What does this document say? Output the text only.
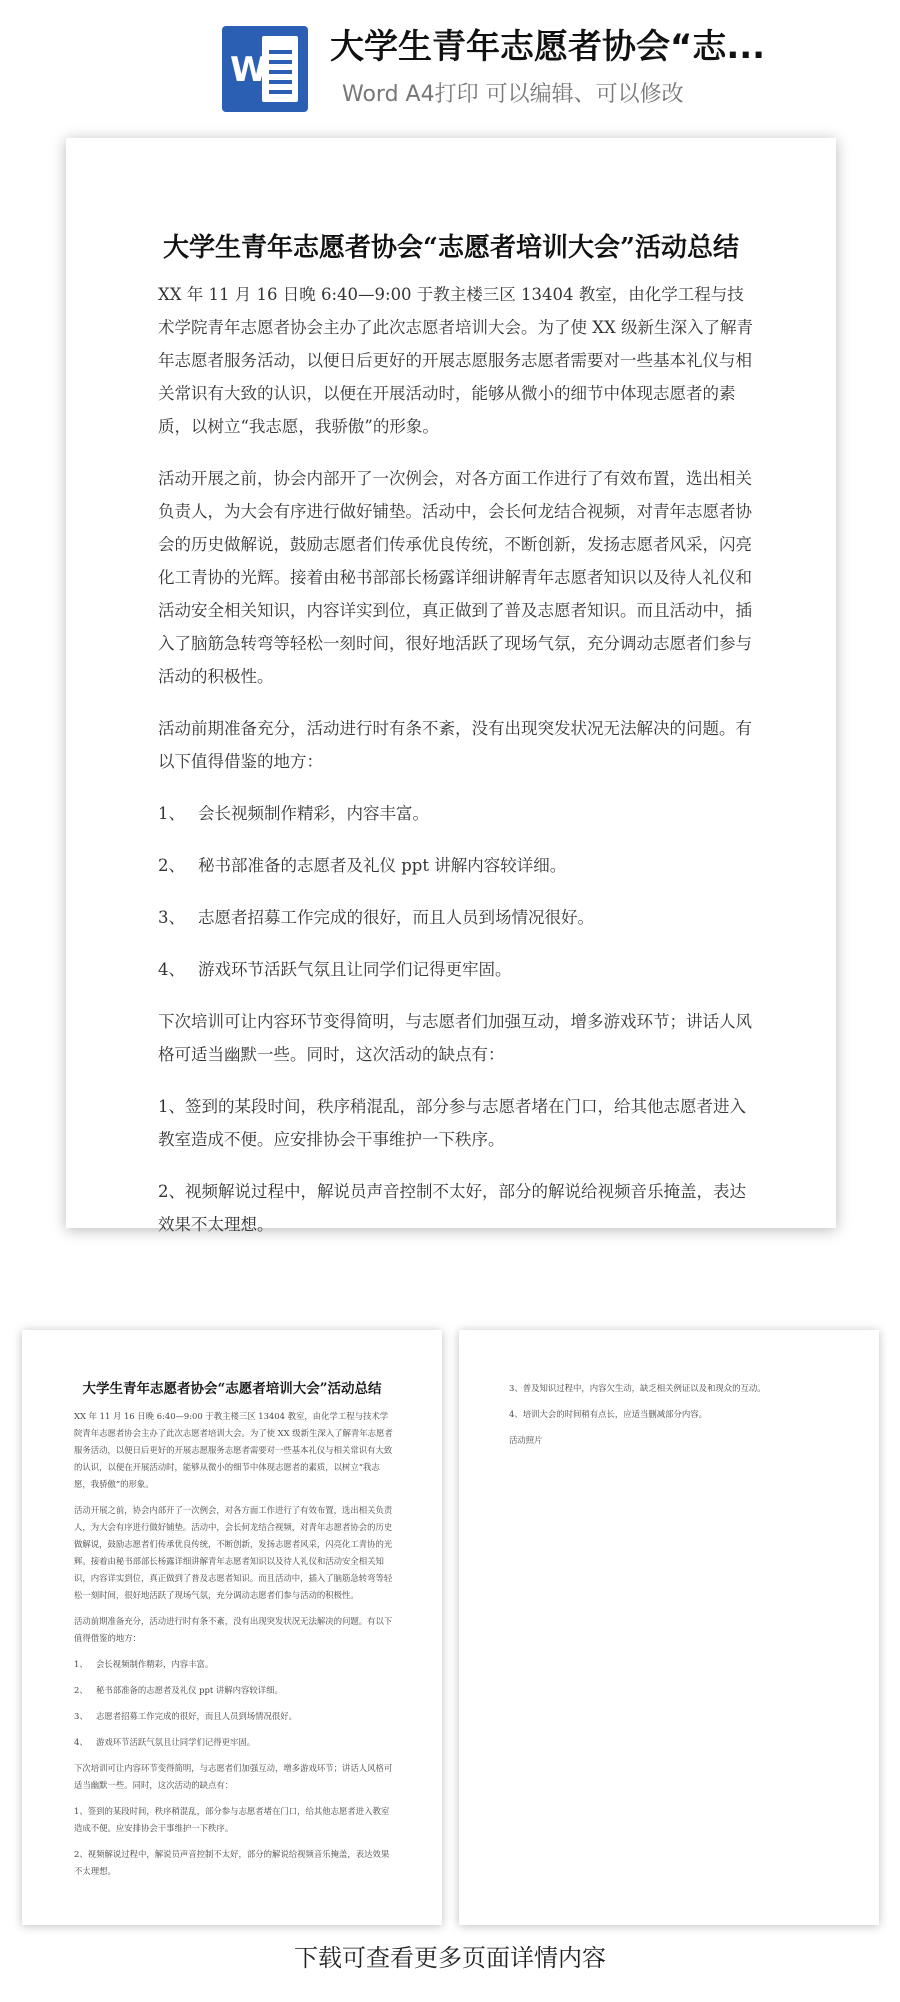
W
大学生青年志愿者协会“志...
Word A4打印 可以编辑、可以修改
大学生青年志愿者协会“志愿者培训大会”活动总结

XX 年 11 月 16 日晚 6:40—9:00 于教主楼三区 13404 教室，由化学工程与技术学院青年志愿者协会主办了此次志愿者培训大会。为了使 XX 级新生深入了解青年志愿者服务活动，以便日后更好的开展志愿服务志愿者需要对一些基本礼仪与相关常识有大致的认识，以便在开展活动时，能够从微小的细节中体现志愿者的素质，以树立“我志愿，我骄傲”的形象。

活动开展之前，协会内部开了一次例会，对各方面工作进行了有效布置，选出相关负责人，为大会有序进行做好铺垫。活动中，会长何龙结合视频，对青年志愿者协会的历史做解说，鼓励志愿者们传承优良传统，不断创新，发扬志愿者风采，闪亮化工青协的光辉。接着由秘书部部长杨露详细讲解青年志愿者知识以及待人礼仪和活动安全相关知识，内容详实到位，真正做到了普及志愿者知识。而且活动中，插入了脑筋急转弯等轻松一刻时间，很好地活跃了现场气氛，充分调动志愿者们参与活动的积极性。

活动前期准备充分，活动进行时有条不紊，没有出现突发状况无法解决的问题。有以下值得借鉴的地方：

1、 会长视频制作精彩，内容丰富。
2、 秘书部准备的志愿者及礼仪 ppt 讲解内容较详细。
3、 志愿者招募工作完成的很好，而且人员到场情况很好。
4、 游戏环节活跃气氛且让同学们记得更牢固。

下次培训可让内容环节变得简明，与志愿者们加强互动，增多游戏环节；讲话人风格可适当幽默一些。同时，这次活动的缺点有：

1、签到的某段时间，秩序稍混乱，部分参与志愿者堵在门口，给其他志愿者进入教室造成不便。应安排协会干事维护一下秩序。

2、视频解说过程中，解说员声音控制不太好，部分的解说给视频音乐掩盖，表达效果不太理想。

大学生青年志愿者协会“志愿者培训大会”活动总结

XX 年 11 月 16 日晚 6:40—9:00 于教主楼三区 13404 教室，由化学工程与技术学院青年志愿者协会主办了此次志愿者培训大会。为了使 XX 级新生深入了解青年志愿者服务活动，以便日后更好的开展志愿服务志愿者需要对一些基本礼仪与相关常识有大致的认识，以便在开展活动时，能够从微小的细节中体现志愿者的素质，以树立“我志愿，我骄傲”的形象。

活动开展之前，协会内部开了一次例会，对各方面工作进行了有效布置，选出相关负责人，为大会有序进行做好铺垫。活动中，会长何龙结合视频，对青年志愿者协会的历史做解说，鼓励志愿者们传承优良传统，不断创新，发扬志愿者风采，闪亮化工青协的光辉。接着由秘书部部长杨露详细讲解青年志愿者知识以及待人礼仪和活动安全相关知识，内容详实到位，真正做到了普及志愿者知识。而且活动中，插入了脑筋急转弯等轻松一刻时间，很好地活跃了现场气氛，充分调动志愿者们参与活动的积极性。

活动前期准备充分，活动进行时有条不紊，没有出现突发状况无法解决的问题。有以下值得借鉴的地方：

1、 会长视频制作精彩，内容丰富。
2、 秘书部准备的志愿者及礼仪 ppt 讲解内容较详细。
3、 志愿者招募工作完成的很好，而且人员到场情况很好。
4、 游戏环节活跃气氛且让同学们记得更牢固。

下次培训可让内容环节变得简明，与志愿者们加强互动，增多游戏环节；讲话人风格可适当幽默一些。同时，这次活动的缺点有：

1、签到的某段时间，秩序稍混乱，部分参与志愿者堵在门口，给其他志愿者进入教室造成不便。应安排协会干事维护一下秩序。

2、视频解说过程中，解说员声音控制不太好，部分的解说给视频音乐掩盖，表达效果不太理想。

3、普及知识过程中，内容欠生动，缺乏相关例证以及和现众的互动。

4、培训大会的时间稍有点长，应适当删减部分内容。

活动照片

下载可查看更多页面详情内容
